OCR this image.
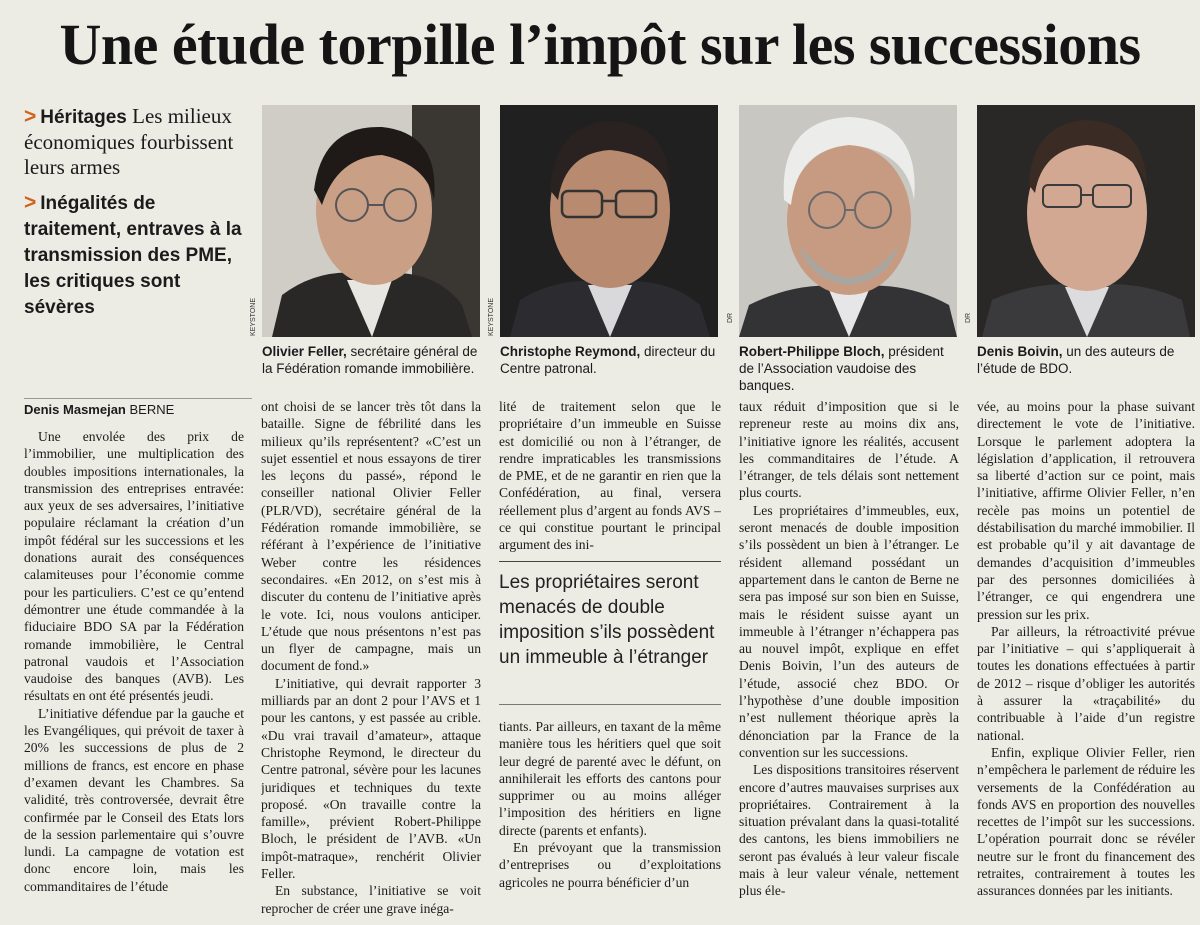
Une étude torpille l’impôt sur les successions
> Héritages Les milieux économiques fourbissent leurs armes
> Inégalités de traitement, entraves à la transmission des PME, les critiques sont sévères
Denis Masmejan BERNE
KEYSTONE	KEYSTONE	DR	DR
Olivier Feller, secrétaire général de la Fédération romande immobilière.
Christophe Reymond, directeur du Centre patronal.
Robert-Philippe Bloch, président de l’Association vaudoise des banques.
Denis Boivin, un des auteurs de l’étude de BDO.

Une envolée des prix de l’immobilier, une multiplication des doubles impositions internationales, la transmission des entreprises entravée: aux yeux de ses adversaires, l’initiative populaire réclamant la création d’un impôt fédéral sur les successions et les donations aurait des conséquences calamiteuses pour l’économie comme pour les particuliers. C’est ce qu’entend démontrer une étude commandée à la fiduciaire BDO SA par la Fédération romande immobilière, le Central patronal vaudois et l’Association vaudoise des banques (AVB). Les résultats en ont été présentés jeudi.

L’initiative défendue par la gauche et les Evangéliques, qui prévoit de taxer à 20% les successions de plus de 2 millions de francs, est encore en phase d’examen devant les Chambres. Sa validité, très controversée, devrait être confirmée par le Conseil des Etats lors de la session parlementaire qui s’ouvre lundi. La campagne de votation est donc encore loin, mais les commanditaires de l’étude

ont choisi de se lancer très tôt dans la bataille. Signe de fébrilité dans les milieux qu’ils représentent? «C’est un sujet essentiel et nous essayons de tirer les leçons du passé», répond le conseiller national Olivier Feller (PLR/VD), secrétaire général de la Fédération romande immobilière, se référant à l’expérience de l’initiative Weber contre les résidences secondaires. «En 2012, on s’est mis à discuter du contenu de l’initiative après le vote. Ici, nous voulons anticiper. L’étude que nous présentons n’est pas un flyer de campagne, mais un document de fond.»

L’initiative, qui devrait rapporter 3 milliards par an dont 2 pour l’AVS et 1 pour les cantons, y est passée au crible. «Du vrai travail d’amateur», attaque Christophe Reymond, le directeur du Centre patronal, sévère pour les lacunes juridiques et techniques du texte proposé. «On travaille contre la famille», prévient Robert-Philippe Bloch, le président de l’AVB. «Un impôt-matraque», renchérit Olivier Feller.

En substance, l’initiative se voit reprocher de créer une grave inéga-

lité de traitement selon que le propriétaire d’un immeuble en Suisse est domicilié ou non à l’étranger, de rendre impraticables les transmissions de PME, et de ne garantir en rien que la Confédération, au final, versera réellement plus d’argent au fonds AVS – ce qui constitue pourtant le principal argument des ini-

Les propriétaires seront menacés de double imposition s’ils possèdent un immeuble à l’étranger

tiants. Par ailleurs, en taxant de la même manière tous les héritiers quel que soit leur degré de parenté avec le défunt, on annihilerait les efforts des cantons pour supprimer ou au moins alléger l’imposition des héritiers en ligne directe (parents et enfants).

En prévoyant que la transmission d’entreprises ou d’exploitations agricoles ne pourra bénéficier d’un

taux réduit d’imposition que si le repreneur reste au moins dix ans, l’initiative ignore les réalités, accusent les commanditaires de l’étude. A l’étranger, de tels délais sont nettement plus courts.

Les propriétaires d’immeubles, eux, seront menacés de double imposition s’ils possèdent un bien à l’étranger. Le résident allemand possédant un appartement dans le canton de Berne ne sera pas imposé sur son bien en Suisse, mais le résident suisse ayant un immeuble à l’étranger n’échappera pas au nouvel impôt, explique en effet Denis Boivin, l’un des auteurs de l’étude, associé chez BDO. Or l’hypothèse d’une double imposition n’est nullement théorique après la dénonciation par la France de la convention sur les successions.

Les dispositions transitoires réservent encore d’autres mauvaises surprises aux propriétaires. Contrairement à la situation prévalant dans la quasi-totalité des cantons, les biens immobiliers ne seront pas évalués à leur valeur fiscale mais à leur valeur vénale, nettement plus éle-

vée, au moins pour la phase suivant directement le vote de l’initiative. Lorsque le parlement adoptera la législation d’application, il retrouvera sa liberté d’action sur ce point, mais l’initiative, affirme Olivier Feller, n’en recèle pas moins un potentiel de déstabilisation du marché immobilier. Il est probable qu’il y ait davantage de demandes d’acquisition d’immeubles par des personnes domiciliées à l’étranger, ce qui engendrera une pression sur les prix.

Par ailleurs, la rétroactivité prévue par l’initiative – qui s’appliquerait à toutes les donations effectuées à partir de 2012 – risque d’obliger les autorités à assurer la «traçabilité» du contribuable à l’aide d’un registre national.

Enfin, explique Olivier Feller, rien n’empêchera le parlement de réduire les versements de la Confédération au fonds AVS en proportion des nouvelles recettes de l’impôt sur les successions. L’opération pourrait donc se révéler neutre sur le front du financement des retraites, contrairement à toutes les assurances données par les initiants.
